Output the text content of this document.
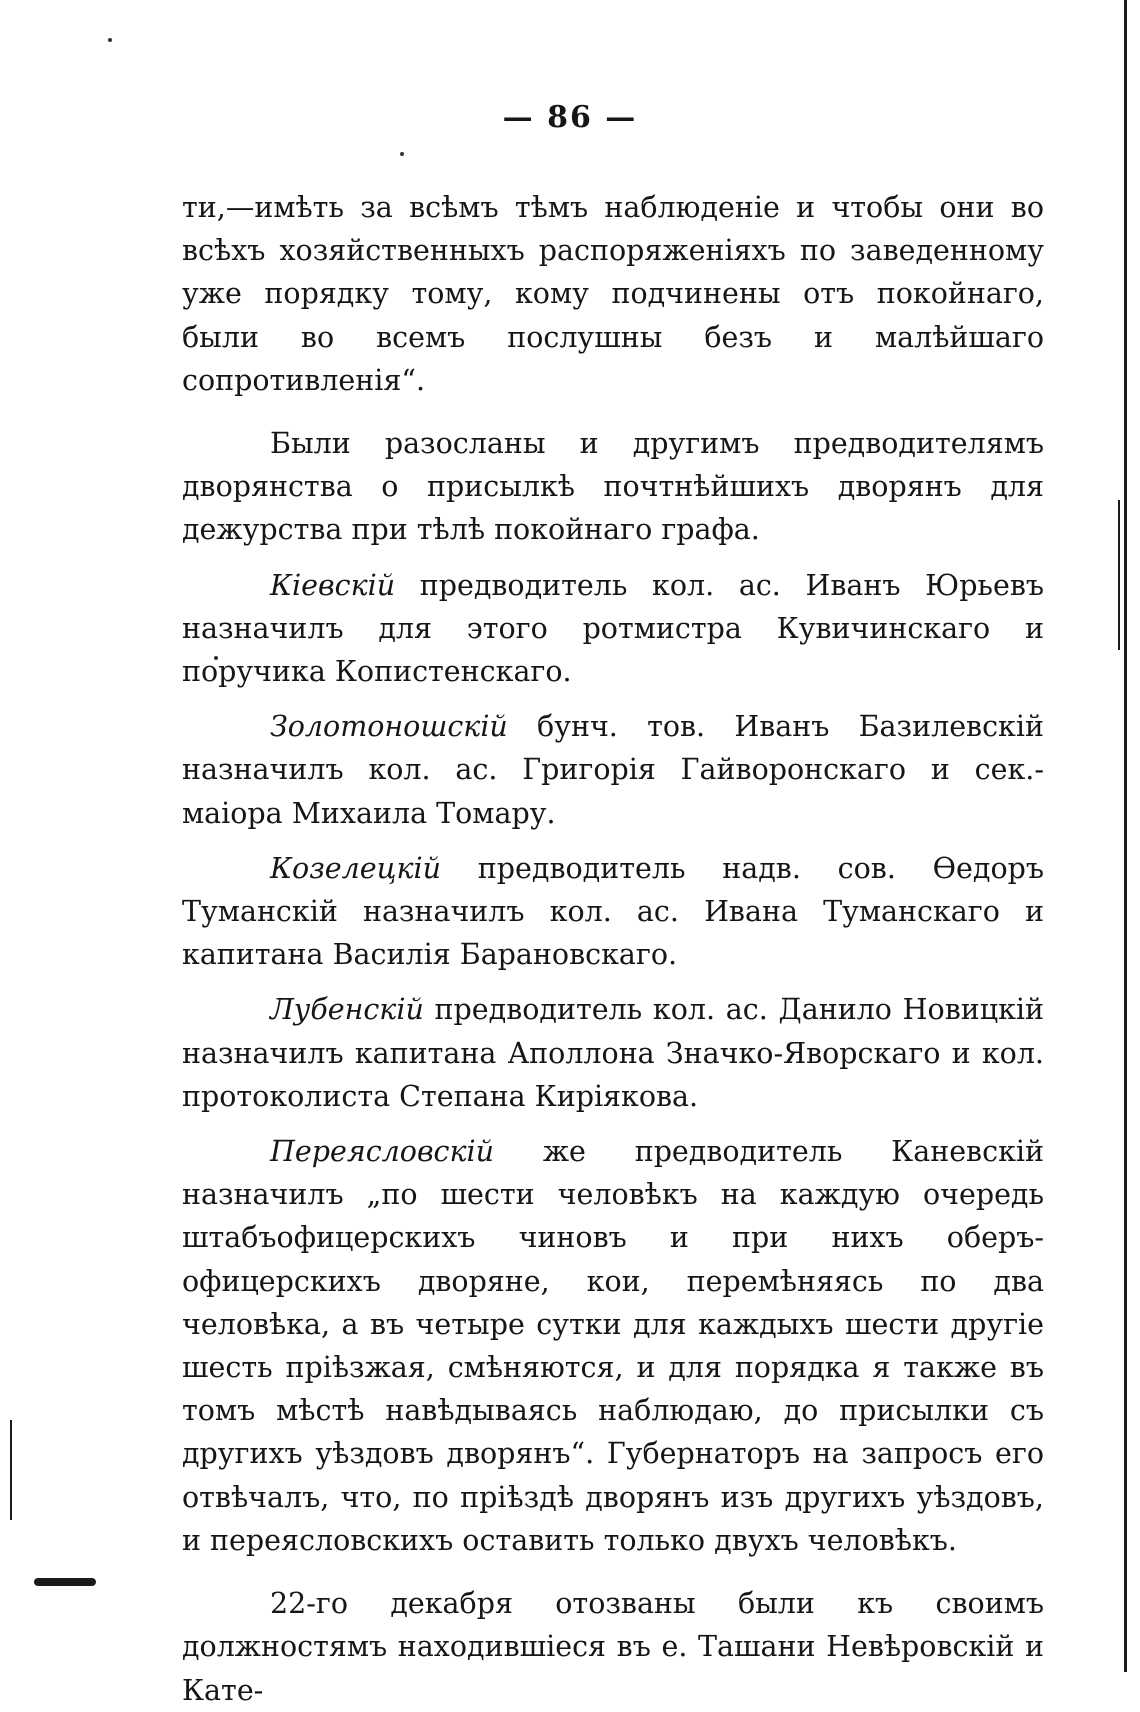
— 86 —

ти,—имѣть за всѣмъ тѣмъ наблюденіе и чтобы они во всѣхъ хозяйственныхъ распоряженіяхъ по заведенному уже порядку тому, кому подчинены отъ покойнаго, были во всемъ послушны безъ и малѣйшаго сопротивленія“.

Были разосланы и другимъ предводителямъ дворянства о присылкѣ почтнѣйшихъ дворянъ для дежурства при тѣлѣ покойнаго графа.

Кіевскій предводитель кол. ас. Иванъ Юрьевъ назначилъ для этого ротмистра Кувичинскаго и поручика Копистенскаго.

Золотоношскій бунч. тов. Иванъ Базилевскій назначилъ кол. ас. Григорія Гайворонскаго и сек.-маіора Михаила Томару.

Козелецкій предводитель надв. сов. Ѳедоръ Туманскій назначилъ кол. ас. Ивана Туманскаго и капитана Василія Барановскаго.

Лубенскій предводитель кол. ас. Данило Новицкій назначилъ капитана Аполлона Значко-Яворскаго и кол. протоколиста Степана Киріякова.

Переясловскій же предводитель Каневскій назначилъ „по шести человѣкъ на каждую очередь штабъофицерскихъ чиновъ и при нихъ оберъ-офицерскихъ дворяне, кои, перемѣняясь по два человѣка, а въ четыре сутки для каждыхъ шести другіе шесть пріѣзжая, смѣняются, и для порядка я также въ томъ мѣстѣ навѣдываясь наблюдаю, до присылки съ другихъ уѣздовъ дворянъ“. Губернаторъ на запросъ его отвѣчалъ, что, по пріѣздѣ дворянъ изъ другихъ уѣздовъ, и переясловскихъ оставить только двухъ человѣкъ.

22-го декабря отозваны были къ своимъ должностямъ находившіеся въ е. Ташани Невѣровскій и Кате-
